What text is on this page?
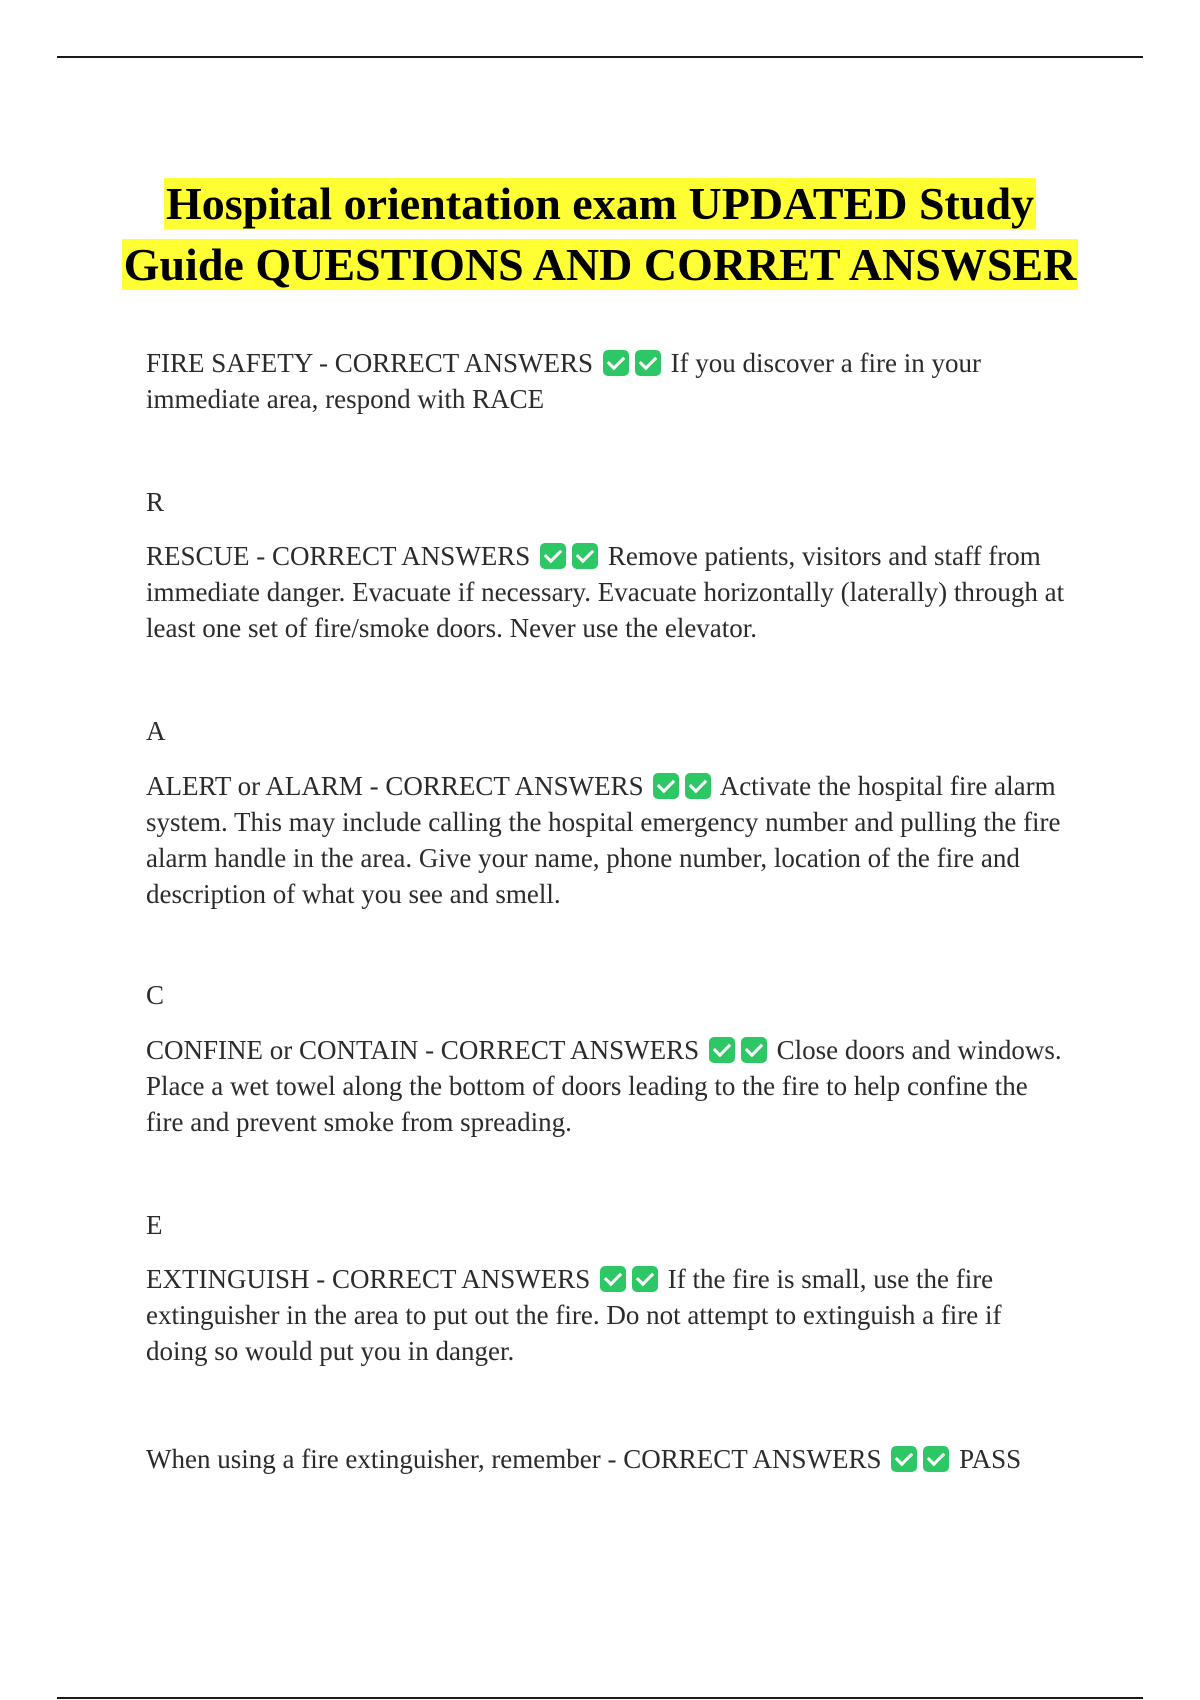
Hospital orientation exam UPDATED Study Guide QUESTIONS AND CORRET ANSWSER

FIRE SAFETY - CORRECT ANSWERS	If you discover a fire in your immediate area, respond with RACE

R

RESCUE - CORRECT ANSWERS	Remove patients, visitors and staff from immediate danger. Evacuate if necessary. Evacuate horizontally (laterally) through at least one set of fire/smoke doors. Never use the elevator.

A

ALERT or ALARM - CORRECT ANSWERS	Activate the hospital fire alarm system. This may include calling the hospital emergency number and pulling the fire alarm handle in the area. Give your name, phone number, location of the fire and description of what you see and smell.

C

CONFINE or CONTAIN - CORRECT ANSWERS	Close doors and windows. Place a wet towel along the bottom of doors leading to the fire to help confine the fire and prevent smoke from spreading.

E

EXTINGUISH - CORRECT ANSWERS	If the fire is small, use the fire extinguisher in the area to put out the fire. Do not attempt to extinguish a fire if doing so would put you in danger.

When using a fire extinguisher, remember - CORRECT ANSWERS	PASS
